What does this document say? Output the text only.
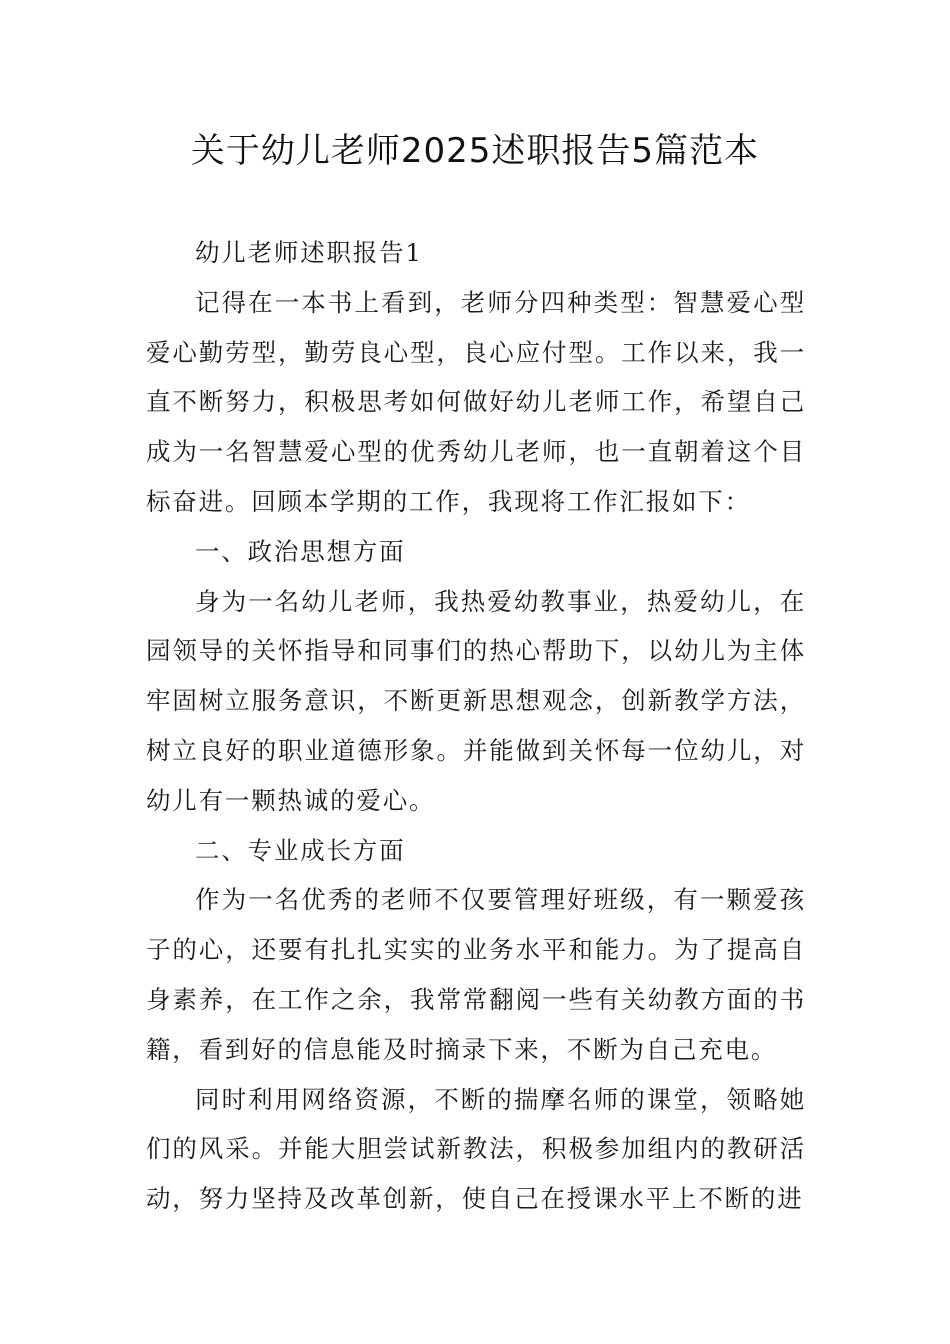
关于幼儿老师2025述职报告5篇范本

幼儿老师述职报告1

记得在一本书上看到，老师分四种类型：智慧爱心型爱心勤劳型，勤劳良心型，良心应付型。工作以来，我一直不断努力，积极思考如何做好幼儿老师工作，希望自己成为一名智慧爱心型的优秀幼儿老师，也一直朝着这个目标奋进。回顾本学期的工作，我现将工作汇报如下：

一、政治思想方面

身为一名幼儿老师，我热爱幼教事业，热爱幼儿，在园领导的关怀指导和同事们的热心帮助下，以幼儿为主体牢固树立服务意识，不断更新思想观念，创新教学方法，树立良好的职业道德形象。并能做到关怀每一位幼儿，对幼儿有一颗热诚的爱心。

二、专业成长方面

作为一名优秀的老师不仅要管理好班级，有一颗爱孩子的心，还要有扎扎实实的业务水平和能力。为了提高自身素养，在工作之余，我常常翻阅一些有关幼教方面的书籍，看到好的信息能及时摘录下来，不断为自己充电。

同时利用网络资源，不断的揣摩名师的课堂，领略她们的风采。并能大胆尝试新教法，积极参加组内的教研活动，努力坚持及改革创新，使自己在授课水平上不断的进
